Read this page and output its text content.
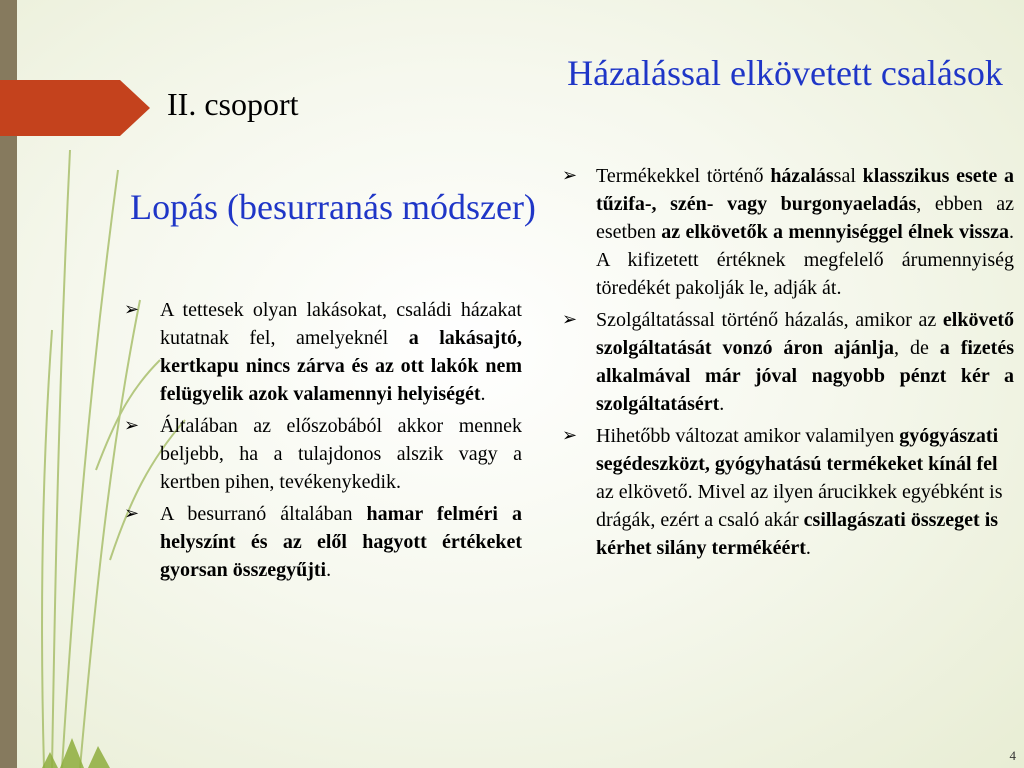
II. csoport
Lopás (besurranás módszer)
➢ A tettesek olyan lakásokat, családi házakat kutatnak fel, amelyeknél a lakásajtó, kertkapu nincs zárva és az ott lakók nem felügyelik azok valamennyi helyiségét.
➢ Általában az előszobából akkor mennek beljebb, ha a tulajdonos alszik vagy a kertben pihen, tevékenykedik.
➢ A besurranó általában hamar felméri a helyszínt és az elől hagyott értékeket gyorsan összegyűjti.
Házalással elkövetett csalások
➢ Termékekkel történő házalással klasszikus esete a tűzifa-, szén- vagy burgonyaeladás, ebben az esetben az elkövetők a mennyiséggel élnek vissza. A kifizetett értéknek megfelelő árumennyiség töredékét pakolják le, adják át.
➢ Szolgáltatással történő házalás, amikor az elkövető szolgáltatását vonzó áron ajánlja, de a fizetés alkalmával már jóval nagyobb pénzt kér a szolgáltatásért.
➢ Hihetőbb változat amikor valamilyen gyógyászati segédeszközt, gyógyhatású termékeket kínál fel az elkövető. Mivel az ilyen árucikkek egyébként is drágák, ezért a csaló akár csillagászati összeget is kérhet silány termékéért.
4
